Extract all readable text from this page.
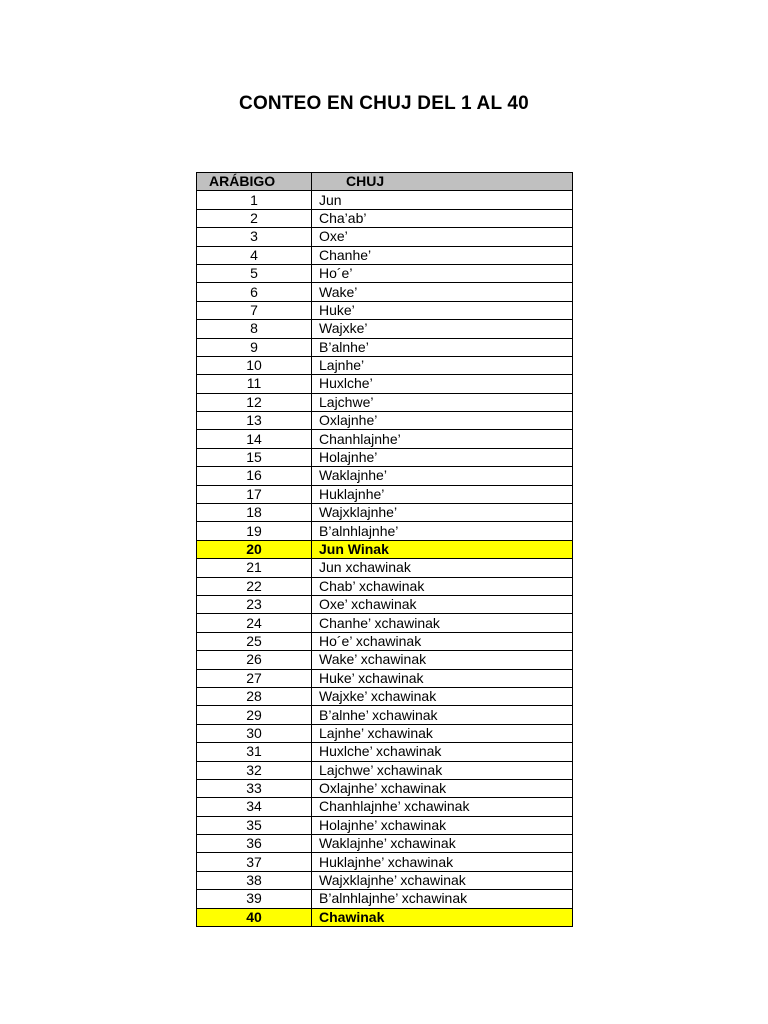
CONTEO EN CHUJ DEL 1 AL 40
ARÁBIGO	CHUJ
1	Jun
2	Cha’ab’
3	Oxe’
4	Chanhe’
5	Ho´e’
6	Wake’
7	Huke’
8	Wajxke’
9	B’alnhe’
10	Lajnhe’
11	Huxlche’
12	Lajchwe’
13	Oxlajnhe’
14	Chanhlajnhe’
15	Holajnhe’
16	Waklajnhe’
17	Huklajnhe’
18	Wajxklajnhe’
19	B’alnhlajnhe’
20	Jun Winak
21	Jun xchawinak
22	Chab’ xchawinak
23	Oxe’ xchawinak
24	Chanhe’ xchawinak
25	Ho´e’ xchawinak
26	Wake’ xchawinak
27	Huke’ xchawinak
28	Wajxke’ xchawinak
29	B’alnhe’ xchawinak
30	Lajnhe’ xchawinak
31	Huxlche’ xchawinak
32	Lajchwe’ xchawinak
33	Oxlajnhe’ xchawinak
34	Chanhlajnhe’ xchawinak
35	Holajnhe’ xchawinak
36	Waklajnhe’ xchawinak
37	Huklajnhe’ xchawinak
38	Wajxklajnhe’ xchawinak
39	B’alnhlajnhe’ xchawinak
40	Chawinak
